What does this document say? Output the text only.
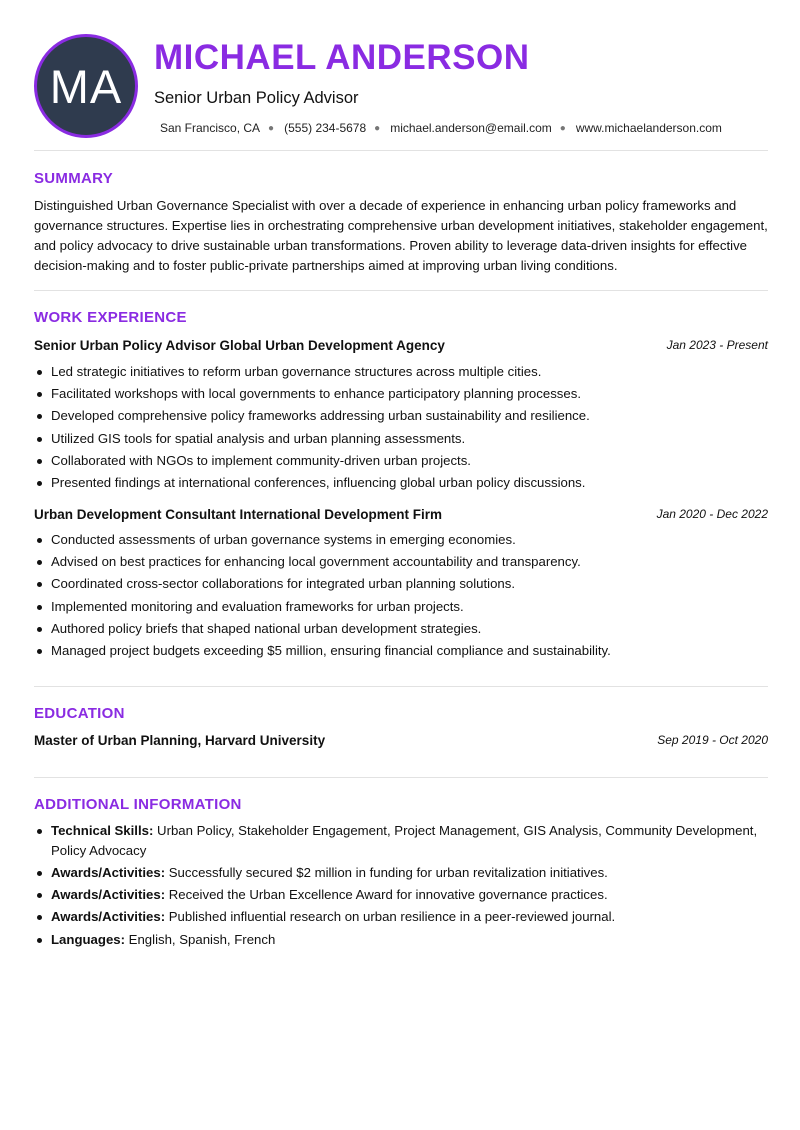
MA
MICHAEL ANDERSON
Senior Urban Policy Advisor
San Francisco, CA ● (555) 234-5678 ● michael.anderson@email.com ● www.michaelanderson.com
SUMMARY
Distinguished Urban Governance Specialist with over a decade of experience in enhancing urban policy frameworks and governance structures. Expertise lies in orchestrating comprehensive urban development initiatives, stakeholder engagement, and policy advocacy to drive sustainable urban transformations. Proven ability to leverage data-driven insights for effective decision-making and to foster public-private partnerships aimed at improving urban living conditions.
WORK EXPERIENCE
Senior Urban Policy Advisor Global Urban Development Agency	Jan 2023 - Present
Led strategic initiatives to reform urban governance structures across multiple cities.
Facilitated workshops with local governments to enhance participatory planning processes.
Developed comprehensive policy frameworks addressing urban sustainability and resilience.
Utilized GIS tools for spatial analysis and urban planning assessments.
Collaborated with NGOs to implement community-driven urban projects.
Presented findings at international conferences, influencing global urban policy discussions.
Urban Development Consultant International Development Firm	Jan 2020 - Dec 2022
Conducted assessments of urban governance systems in emerging economies.
Advised on best practices for enhancing local government accountability and transparency.
Coordinated cross-sector collaborations for integrated urban planning solutions.
Implemented monitoring and evaluation frameworks for urban projects.
Authored policy briefs that shaped national urban development strategies.
Managed project budgets exceeding $5 million, ensuring financial compliance and sustainability.
EDUCATION
Master of Urban Planning, Harvard University	Sep 2019 - Oct 2020
ADDITIONAL INFORMATION
Technical Skills: Urban Policy, Stakeholder Engagement, Project Management, GIS Analysis, Community Development, Policy Advocacy
Awards/Activities: Successfully secured $2 million in funding for urban revitalization initiatives.
Awards/Activities: Received the Urban Excellence Award for innovative governance practices.
Awards/Activities: Published influential research on urban resilience in a peer-reviewed journal.
Languages: English, Spanish, French
